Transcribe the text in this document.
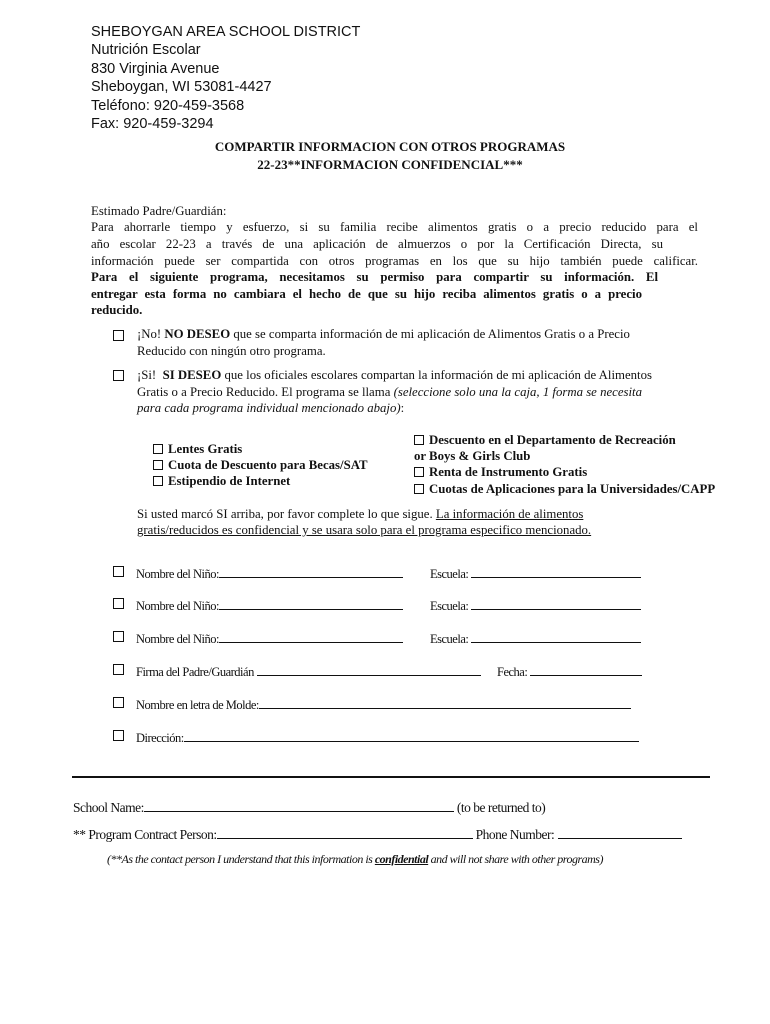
SHEBOYGAN AREA SCHOOL DISTRICT
Nutrición Escolar
830 Virginia Avenue
Sheboygan, WI 53081-4427
Teléfono: 920-459-3568
Fax: 920-459-3294
COMPARTIR INFORMACION CON OTROS PROGRAMAS
22-23**INFORMACION CONFIDENCIAL***
Estimado Padre/Guardián:
Para ahorrarle tiempo y esfuerzo, si su familia recibe alimentos gratis o a precio reducido para el
año escolar 22-23 a través de una aplicación de almuerzos o por la Certificación Directa, su
información puede ser compartida con otros programas en los que su hijo también puede calificar.
Para el siguiente programa, necesitamos su permiso para compartir su información. El
entregar esta forma no cambiara el hecho de que su hijo reciba alimentos gratis o a precio
reducido.
¡No! NO DESEO que se comparta información de mi aplicación de Alimentos Gratis o a Precio
Reducido con ningún otro programa.
¡Si!  SI DESEO que los oficiales escolares compartan la información de mi aplicación de Alimentos
Gratis o a Precio Reducido. El programa se llama (seleccione solo una la caja, 1 forma se necesita
para cada programa individual mencionado abajo):
Lentes Gratis
Cuota de Descuento para Becas/SAT
Estipendio de Internet
Descuento en el Departamento de Recreación
or Boys & Girls Club
Renta de Instrumento Gratis
Cuotas de Aplicaciones para la Universidades/CAPP
Si usted marcó SI arriba, por favor complete lo que sigue. La información de alimentos
gratis/reducidos es confidencial y se usara solo para el programa especifico mencionado.
Nombre del Niño:	Escuela:
Nombre del Niño:	Escuela:
Nombre del Niño:	Escuela:
Firma del Padre/Guardián	Fecha:
Nombre en letra de Molde:
Dirección:
School Name:	(to be returned to)
** Program Contract Person:	Phone Number:
(**As the contact person I understand that this information is confidential and will not share with other programs)
